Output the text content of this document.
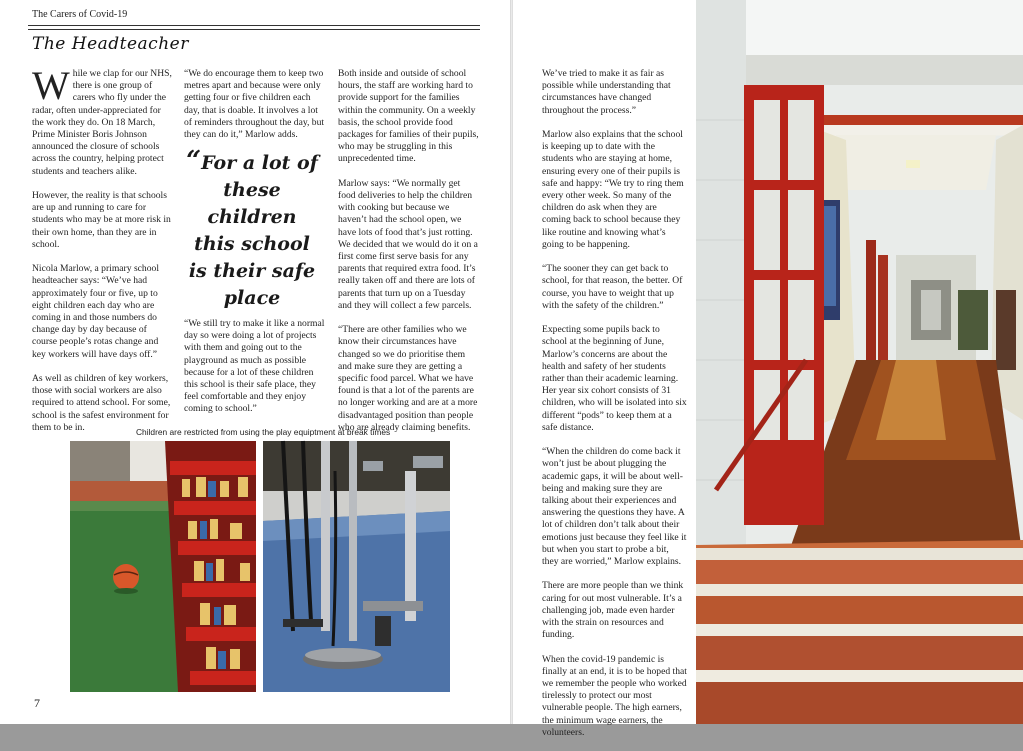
The Carers of Covid-19
The Headteacher

While we clap for our NHS, there is one group of carers who fly under the radar, often under-appreciated for the work they do. On 18 March, Prime Minister Boris Johnson announced the closure of schools across the country, helping protect students and teachers alike.

However, the reality is that schools are up and running to care for students who may be at more risk in their own home, than they are in school.

Nicola Marlow, a primary school headteacher says: “We’ve had approximately four or five, up to eight children each day who are coming in and those numbers do change day by day because of course people’s rotas change and key workers will have days off.”

As well as children of key workers, those with social workers are also required to attend school. For some, school is the safest environment for them to be in.

“We do encourage them to keep two metres apart and because were only getting four or five children each day, that is doable. It involves a lot of reminders throughout the day, but they can do it,” Marlow adds.

“For a lot of these children this school is their safe place

“We still try to make it like a normal day so were doing a lot of projects with them and going out to the playground as much as possible because for a lot of these children this school is their safe place, they feel comfortable and they enjoy coming to school.”

Both inside and outside of school hours, the staff are working hard to provide support for the families within the community. On a weekly basis, the school provide food packages for families of their pupils, who may be struggling in this unprecedented time.

Marlow says: “We normally get food deliveries to help the children with cooking but because we haven’t had the school open, we have lots of food that’s just rotting. We decided that we would do it on a first come first serve basis for any parents that required extra food. It’s really taken off and there are lots of parents that turn up on a Tuesday and they will collect a few parcels.

“There are other families who we know their circumstances have changed so we do prioritise them and make sure they are getting a specific food parcel. What we have found is that a lot of the parents are no longer working and are at a more disadvantaged position than people who are already claiming benefits.

Children are restricted from using the play equiptment at break times
7

We’ve tried to make it as fair as possible while understanding that circumstances have changed throughout the process.”

Marlow also explains that the school is keeping up to date with the students who are staying at home, ensuring every one of their pupils is safe and happy: “We try to ring them every other week. So many of the children do ask when they are coming back to school because they like routine and knowing what’s going to be happening.

“The sooner they can get back to school, for that reason, the better. Of course, you have to weight that up with the safety of the children.”

Expecting some pupils back to school at the beginning of June, Marlow’s concerns are about the health and safety of her students rather than their academic learning. Her year six cohort consists of 31 children, who will be isolated into six different “pods” to keep them at a safe distance.

“When the children do come back it won’t just be about plugging the academic gaps, it will be about well-being and making sure they are talking about their experiences and answering the questions they have. A lot of children don’t talk about their emotions just because they feel like it but when you start to probe a bit, they are worried,” Marlow explains.

There are more people than we think caring for out most vulnerable. It’s a challenging job, made even harder with the strain on resources and funding.

When the covid-19 pandemic is finally at an end, it is to be hoped that we remember the people who worked tirelessly to protect our most vulnerable people. The high earners, the minimum wage earners, the volunteers.
